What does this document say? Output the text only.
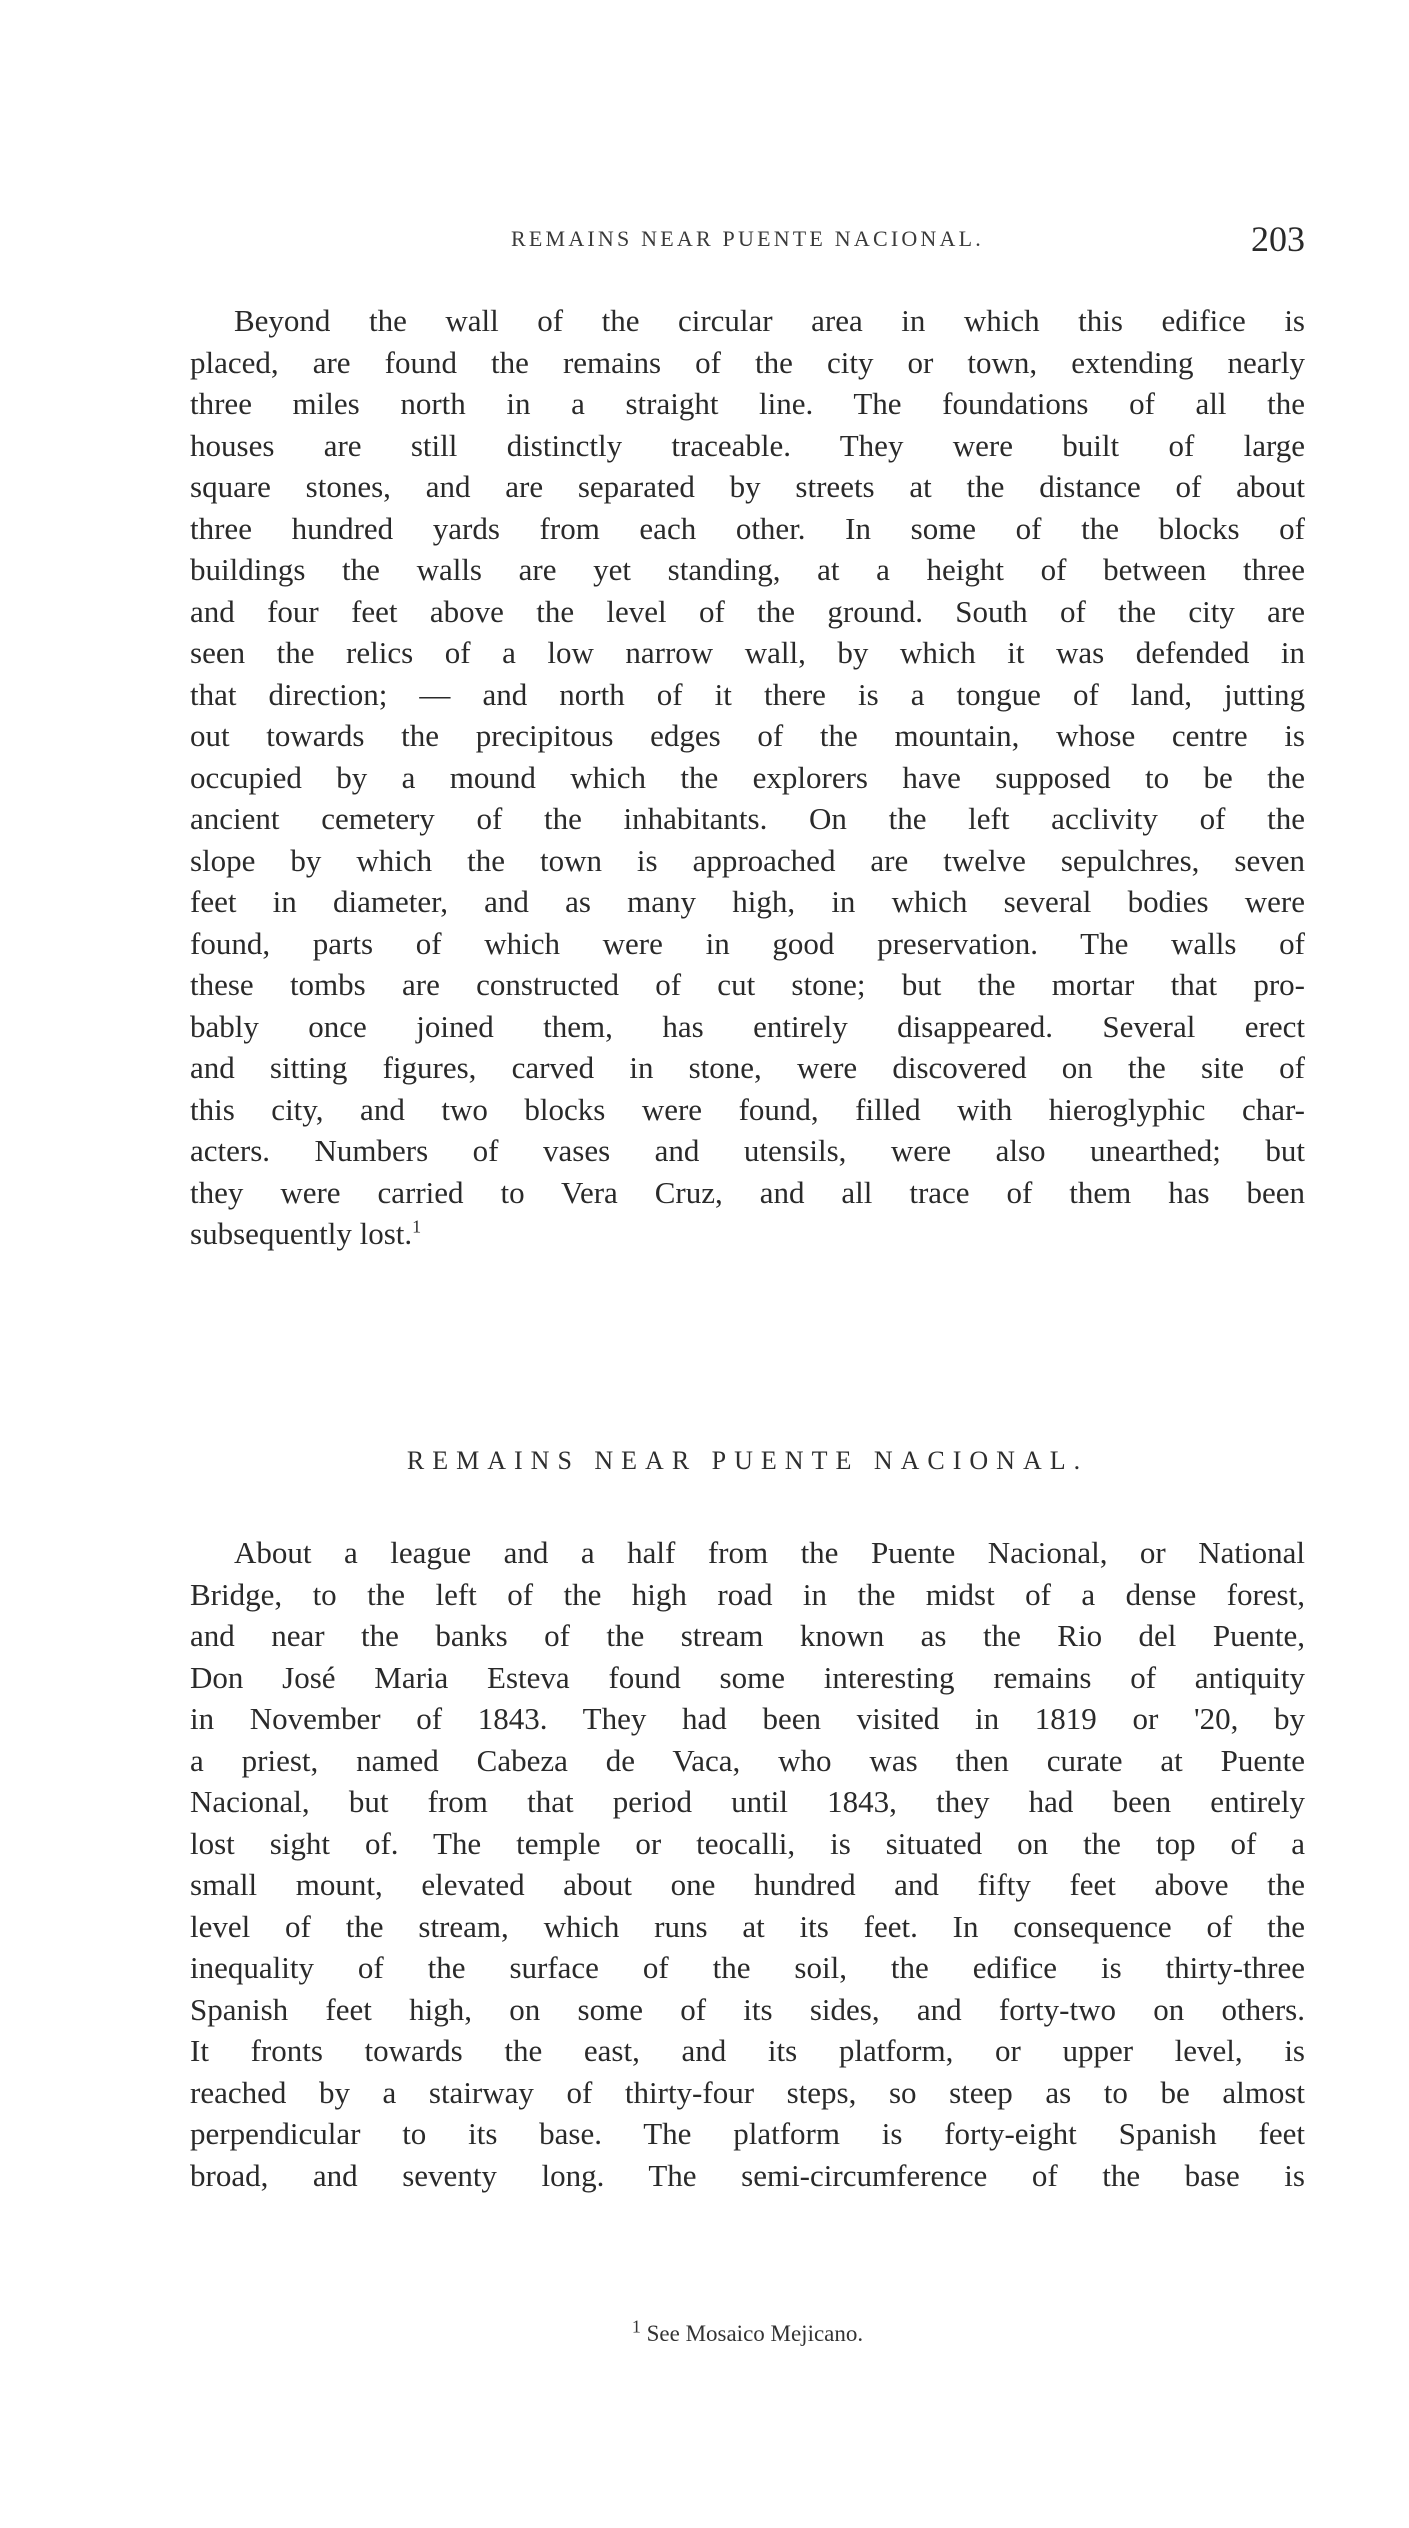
REMAINS NEAR PUENTE NACIONAL.	203
Beyond the wall of the circular area in which this edifice is
placed, are found the remains of the city or town, extending nearly
three miles north in a straight line. The foundations of all the
houses are still distinctly traceable. They were built of large
square stones, and are separated by streets at the distance of about
three hundred yards from each other. In some of the blocks of
buildings the walls are yet standing, at a height of between three
and four feet above the level of the ground. South of the city are
seen the relics of a low narrow wall, by which it was defended in
that direction; — and north of it there is a tongue of land, jutting
out towards the precipitous edges of the mountain, whose centre is
occupied by a mound which the explorers have supposed to be the
ancient cemetery of the inhabitants. On the left acclivity of the
slope by which the town is approached are twelve sepulchres, seven
feet in diameter, and as many high, in which several bodies were
found, parts of which were in good preservation. The walls of
these tombs are constructed of cut stone; but the mortar that pro-
bably once joined them, has entirely disappeared. Several erect
and sitting figures, carved in stone, were discovered on the site of
this city, and two blocks were found, filled with hieroglyphic char-
acters. Numbers of vases and utensils, were also unearthed; but
they were carried to Vera Cruz, and all trace of them has been
subsequently lost.$^1$
REMAINS NEAR PUENTE NACIONAL.
About a league and a half from the Puente Nacional, or National
Bridge, to the left of the high road in the midst of a dense forest,
and near the banks of the stream known as the Rio del Puente,
Don José Maria Esteva found some interesting remains of antiquity
in November of 1843. They had been visited in 1819 or '20, by
a priest, named Cabeza de Vaca, who was then curate at Puente
Nacional, but from that period until 1843, they had been entirely
lost sight of. The temple or teocalli, is situated on the top of a
small mount, elevated about one hundred and fifty feet above the
level of the stream, which runs at its feet. In consequence of the
inequality of the surface of the soil, the edifice is thirty-three
Spanish feet high, on some of its sides, and forty-two on others.
It fronts towards the east, and its platform, or upper level, is
reached by a stairway of thirty-four steps, so steep as to be almost
perpendicular to its base. The platform is forty-eight Spanish feet
broad, and seventy long. The semi-circumference of the base is
$^1$ See Mosaico Mejicano.
